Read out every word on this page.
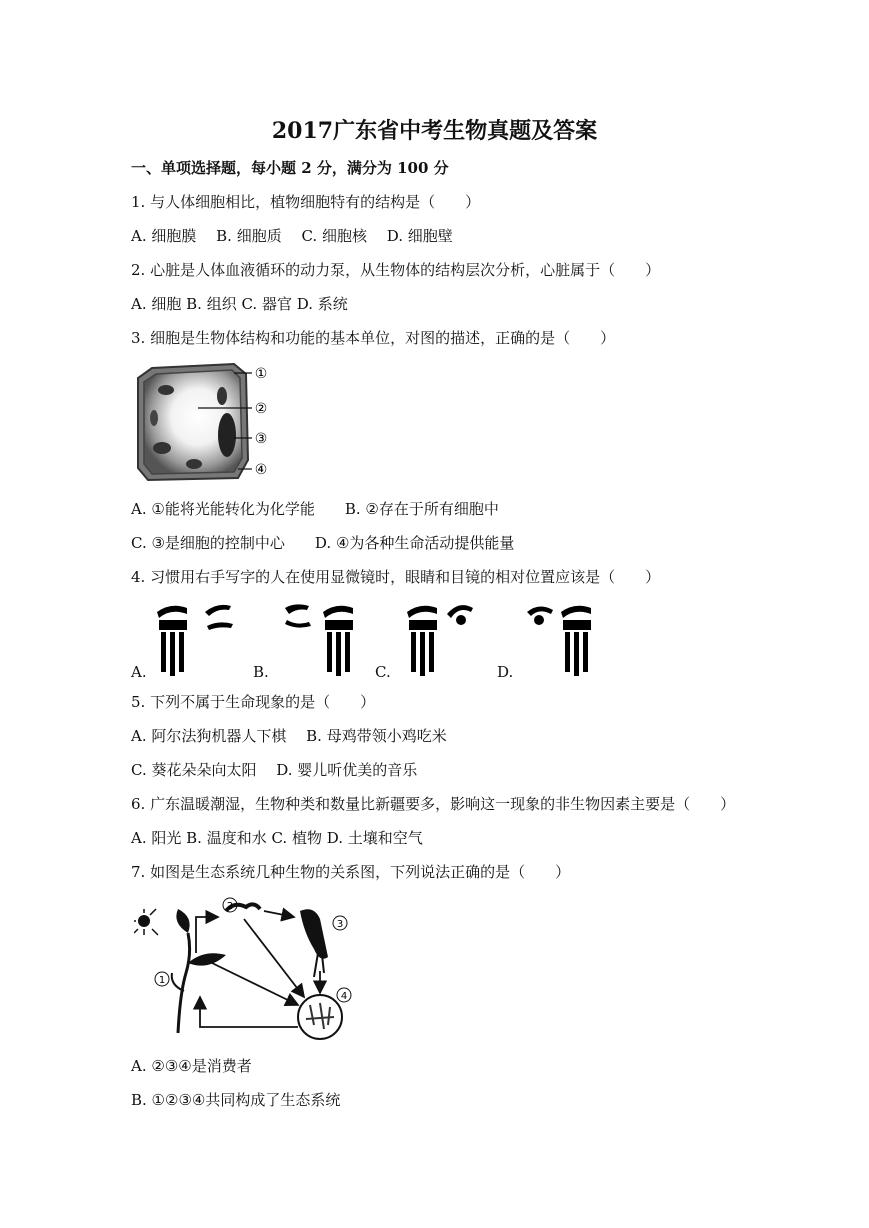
2017广东省中考生物真题及答案
一、单项选择题，每小题 2 分，满分为 100 分
1. 与人体细胞相比，植物细胞特有的结构是（　　）
A. 细胞膜　 B. 细胞质　 C. 细胞核　 D. 细胞壁
2. 心脏是人体血液循环的动力泵，从生物体的结构层次分析，心脏属于（　　）
A. 细胞 B. 组织 C. 器官 D. 系统
3. 细胞是生物体结构和功能的基本单位，对图的描述，正确的是（　　）
①
②
③
④
A. ①能将光能转化为化学能　　B. ②存在于所有细胞中
C. ③是细胞的控制中心　　D. ④为各种生命活动提供能量
4. 习惯用右手写字的人在使用显微镜时，眼睛和目镜的相对位置应该是（　　）
A.	B.	C.	D.
5. 下列不属于生命现象的是（　　）
A. 阿尔法狗机器人下棋　 B. 母鸡带领小鸡吃米
C. 葵花朵朵向太阳　 D. 婴儿听优美的音乐
6. 广东温暖潮湿，生物种类和数量比新疆要多，影响这一现象的非生物因素主要是（　　）
A. 阳光 B. 温度和水 C. 植物 D. 土壤和空气
7. 如图是生态系统几种生物的关系图，下列说法正确的是（　　）
1
2
3
4
A. ②③④是消费者
B. ①②③④共同构成了生态系统
